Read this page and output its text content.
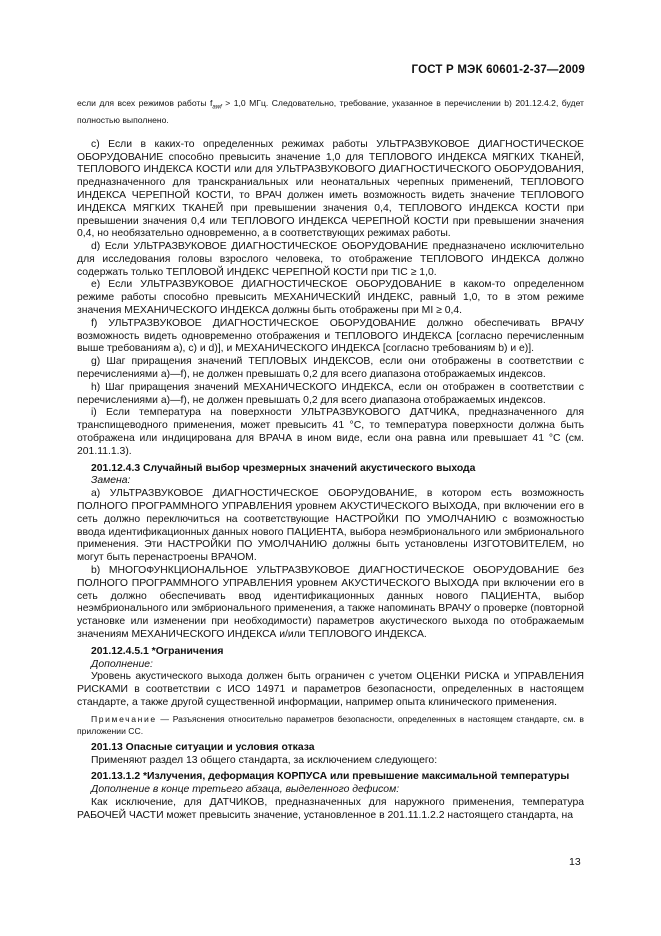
ГОСТ Р МЭК 60601-2-37—2009

если для всех режимов работы $f_{awf} > 1,0$ МГц. Следовательно, требование, указанное в перечислении b) 201.12.4.2, будет полностью выполнено.

c) Если в каких-то определенных режимах работы УЛЬТРАЗВУКОВОЕ ДИАГНОСТИЧЕСКОЕ ОБОРУДОВАНИЕ способно превысить значение 1,0 для ТЕПЛОВОГО ИНДЕКСА МЯГКИХ ТКАНЕЙ, ТЕПЛОВОГО ИНДЕКСА КОСТИ или для УЛЬТРАЗВУКОВОГО ДИАГНОСТИЧЕСКОГО ОБОРУДОВАНИЯ, предназначенного для транскраниальных или неонатальных черепных применений, ТЕПЛОВОГО ИНДЕКСА ЧЕРЕПНОЙ КОСТИ, то ВРАЧ должен иметь возможность видеть значение ТЕПЛОВОГО ИНДЕКСА МЯГКИХ ТКАНЕЙ при превышении значения 0,4, ТЕПЛОВОГО ИНДЕКСА КОСТИ при превышении значения 0,4 или ТЕПЛОВОГО ИНДЕКСА ЧЕРЕПНОЙ КОСТИ при превышении значения 0,4, но необязательно одновременно, а в соответствующих режимах работы.

d) Если УЛЬТРАЗВУКОВОЕ ДИАГНОСТИЧЕСКОЕ ОБОРУДОВАНИЕ предназначено исключительно для исследования головы взрослого человека, то отображение ТЕПЛОВОГО ИНДЕКСА должно содержать только ТЕПЛОВОЙ ИНДЕКС ЧЕРЕПНОЙ КОСТИ при TIC ≥ 1,0.

e) Если УЛЬТРАЗВУКОВОЕ ДИАГНОСТИЧЕСКОЕ ОБОРУДОВАНИЕ в каком-то определенном режиме работы способно превысить МЕХАНИЧЕСКИЙ ИНДЕКС, равный 1,0, то в этом режиме значения МЕХАНИЧЕСКОГО ИНДЕКСА должны быть отображены при MI ≥ 0,4.

f) УЛЬТРАЗВУКОВОЕ ДИАГНОСТИЧЕСКОЕ ОБОРУДОВАНИЕ должно обеспечивать ВРАЧУ возможность видеть одновременно отображения и ТЕПЛОВОГО ИНДЕКСА [согласно перечисленным выше требованиям a), c) и d)], и МЕХАНИЧЕСКОГО ИНДЕКСА [согласно требованиям b) и e)].

g) Шаг приращения значений ТЕПЛОВЫХ ИНДЕКСОВ, если они отображены в соответствии с перечислениями a)—f), не должен превышать 0,2 для всего диапазона отображаемых индексов.

h) Шаг приращения значений МЕХАНИЧЕСКОГО ИНДЕКСА, если он отображен в соответствии с перечислениями a)—f), не должен превышать 0,2 для всего диапазона отображаемых индексов.

i) Если температура на поверхности УЛЬТРАЗВУКОВОГО ДАТЧИКА, предназначенного для транспищеводного применения, может превысить 41 °С, то температура поверхности должна быть отображена или индицирована для ВРАЧА в ином виде, если она равна или превышает 41 °С (см. 201.11.1.3).

201.12.4.3 Случайный выбор чрезмерных значений акустического выхода

Замена:

a) УЛЬТРАЗВУКОВОЕ ДИАГНОСТИЧЕСКОЕ ОБОРУДОВАНИЕ, в котором есть возможность ПОЛНОГО ПРОГРАММНОГО УПРАВЛЕНИЯ уровнем АКУСТИЧЕСКОГО ВЫХОДА, при включении его в сеть должно переключиться на соответствующие НАСТРОЙКИ ПО УМОЛЧАНИЮ с возможностью ввода идентификационных данных нового ПАЦИЕНТА, выбора неэмбрионального или эмбрионального применения. Эти НАСТРОЙКИ ПО УМОЛЧАНИЮ должны быть установлены ИЗГОТОВИТЕЛЕМ, но могут быть перенастроены ВРАЧОМ.

b) МНОГОФУНКЦИОНАЛЬНОЕ УЛЬТРАЗВУКОВОЕ ДИАГНОСТИЧЕСКОЕ ОБОРУДОВАНИЕ без ПОЛНОГО ПРОГРАММНОГО УПРАВЛЕНИЯ уровнем АКУСТИЧЕСКОГО ВЫХОДА при включении его в сеть должно обеспечивать ввод идентификационных данных нового ПАЦИЕНТА, выбор неэмбрионального или эмбрионального применения, а также напоминать ВРАЧУ о проверке (повторной установке или изменении при необходимости) параметров акустического выхода по отображаемым значениям МЕХАНИЧЕСКОГО ИНДЕКСА и/или ТЕПЛОВОГО ИНДЕКСА.

201.12.4.5.1 *Ограничения

Дополнение:

Уровень акустического выхода должен быть ограничен с учетом ОЦЕНКИ РИСКА и УПРАВЛЕНИЯ РИСКАМИ в соответствии с ИСО 14971 и параметров безопасности, определенных в настоящем стандарте, а также другой существенной информации, например опыта клинического применения.

Примечание — Разъяснения относительно параметров безопасности, определенных в настоящем стандарте, см. в приложении СС.

201.13 Опасные ситуации и условия отказа

Применяют раздел 13 общего стандарта, за исключением следующего:

201.13.1.2 *Излучения, деформация КОРПУСА или превышение максимальной температуры

Дополнение в конце третьего абзаца, выделенного дефисом:

Как исключение, для ДАТЧИКОВ, предназначенных для наружного применения, температура РАБОЧЕЙ ЧАСТИ может превысить значение, установленное в 201.11.1.2.2 настоящего стандарта, на

13
